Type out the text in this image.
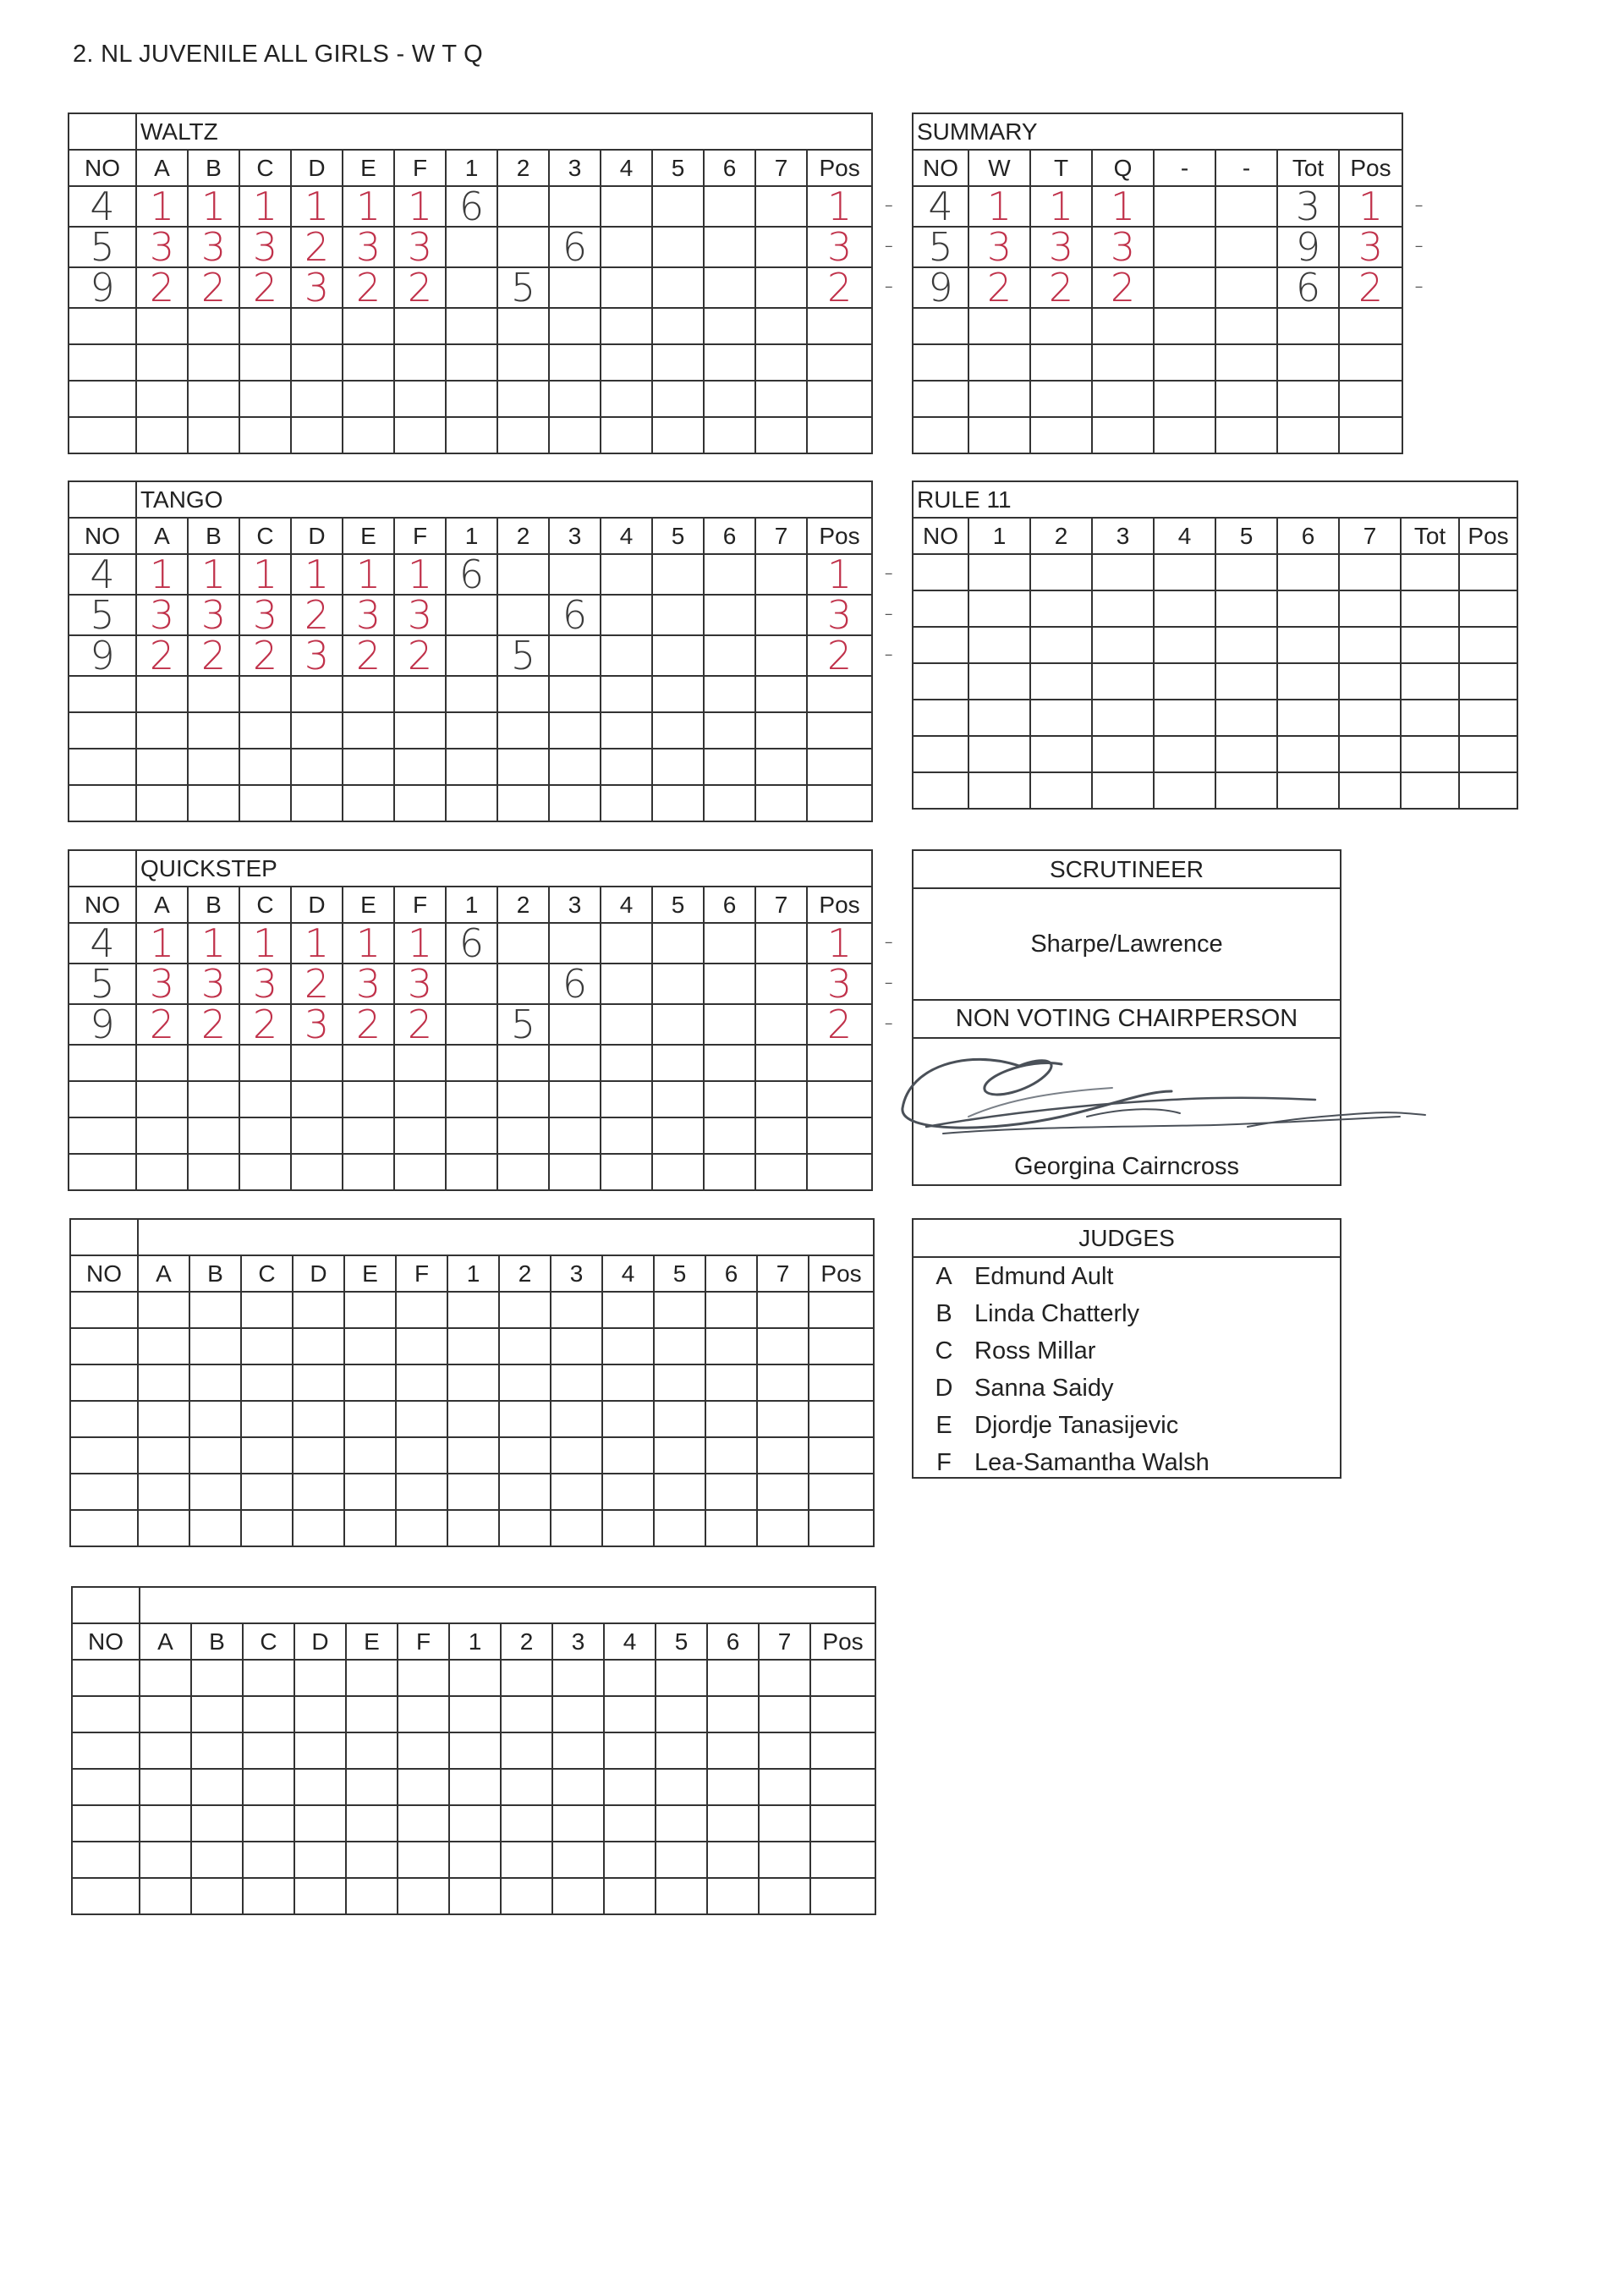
2. NL JUVENILE ALL GIRLS - W T Q
	WALTZ													
NO	A	B	C	D	E	F	1	2	3	4	5	6	7	Pos
4	1	1	1	1	1	1	6							1 -

5	3	3	3	2	3	3			6					3 -

9	2	2	2	3	2	2		5						2 -

	TANGO													
NO	A	B	C	D	E	F	1	2	3	4	5	6	7	Pos
4	1	1	1	1	1	1	6							1 -

5	3	3	3	2	3	3			6					3 -

9	2	2	2	3	2	2		5						2 -

	QUICKSTEP													
NO	A	B	C	D	E	F	1	2	3	4	5	6	7	Pos
4	1	1	1	1	1	1	6							1 -

5	3	3	3	2	3	3			6					3 -

9	2	2	2	3	2	2		5						2 -

NO	A	B	C	D	E	F	1	2	3	4	5	6	7	Pos

NO	A	B	C	D	E	F	1	2	3	4	5	6	7	Pos

SUMMARY							
NO	W	T	Q	-	-	Tot	Pos
4	1	1	1			3	1 -

5	3	3	3			9	3 -

9	2	2	2			6	2 -

RULE 11									
NO	1	2	3	4	5	6	7	Tot	Pos

SCRUTINEER
Sharpe/Lawrence
NON VOTING CHAIRPERSON
Georgina Cairncross
JUDGES
A Edmund Ault
B Linda Chatterly
C Ross Millar
D Sanna Saidy
E Djordje Tanasijevic
F Lea-Samantha Walsh
